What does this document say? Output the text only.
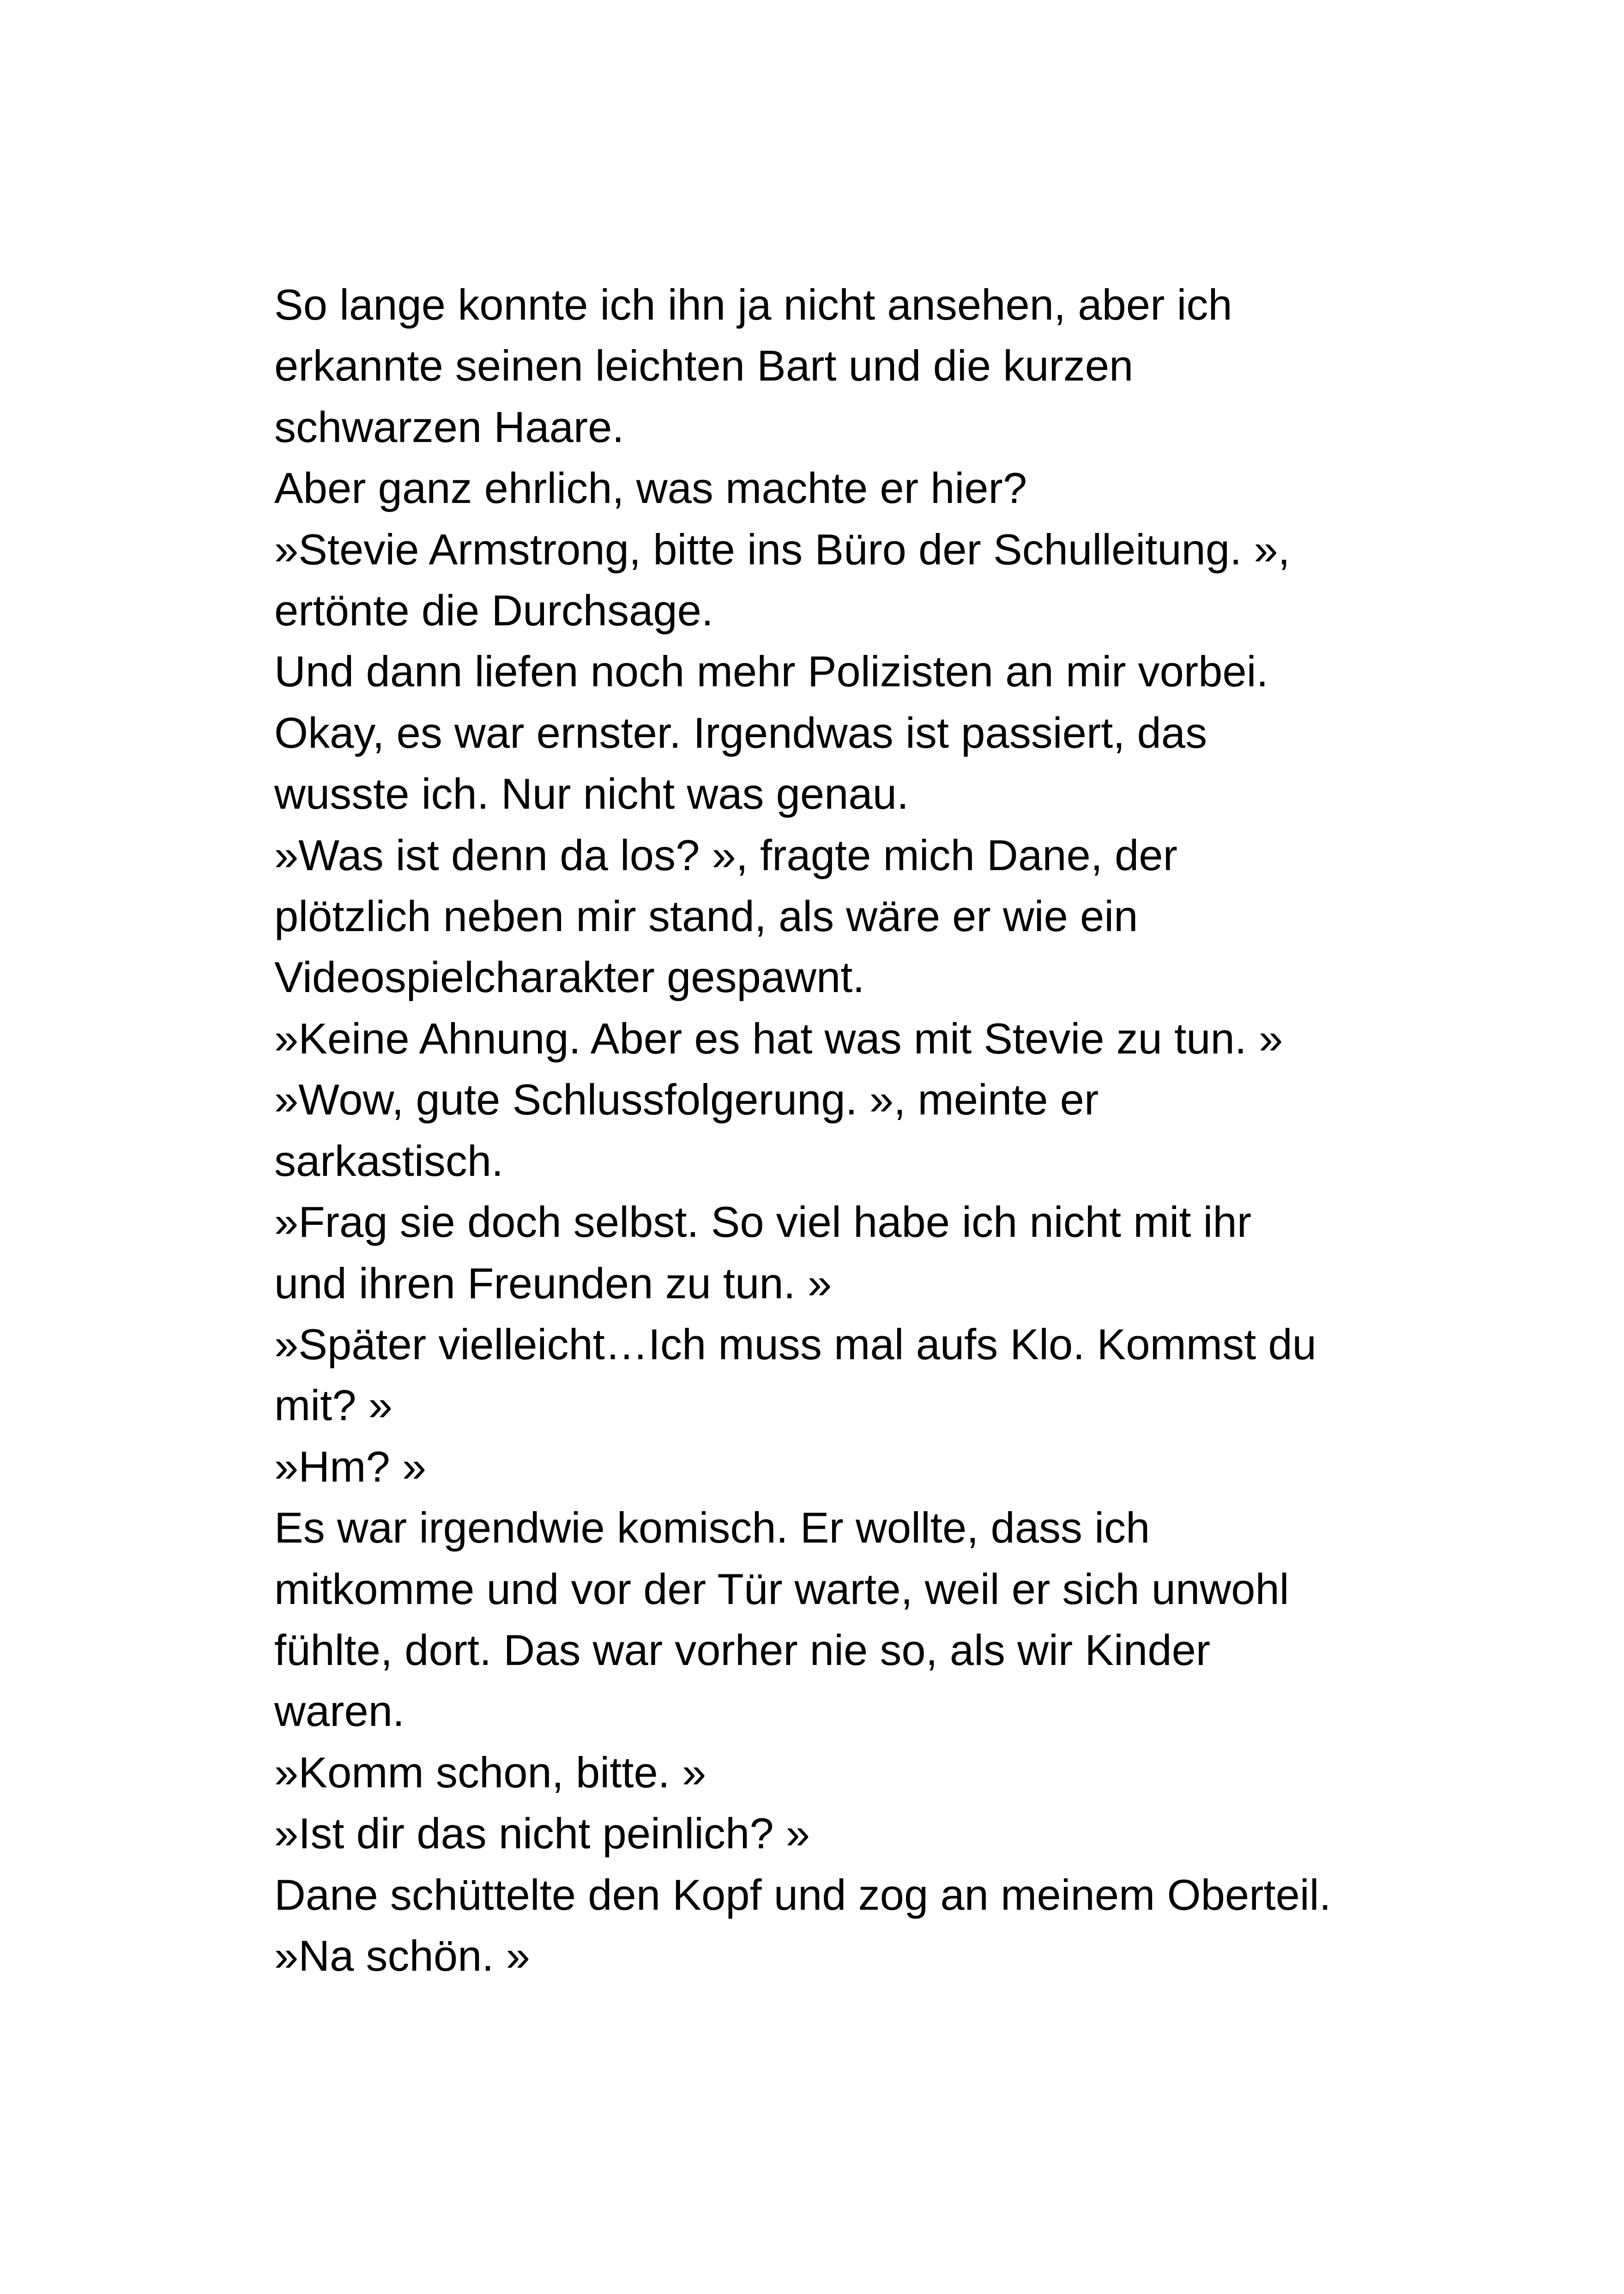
So lange konnte ich ihn ja nicht ansehen, aber ich

erkannte seinen leichten Bart und die kurzen

schwarzen Haare.

Aber ganz ehrlich, was machte er hier?

»Stevie Armstrong, bitte ins Büro der Schulleitung. »,

ertönte die Durchsage.

Und dann liefen noch mehr Polizisten an mir vorbei.

Okay, es war ernster. Irgendwas ist passiert, das

wusste ich. Nur nicht was genau.

»Was ist denn da los? », fragte mich Dane, der

plötzlich neben mir stand, als wäre er wie ein

Videospielcharakter gespawnt.

»Keine Ahnung. Aber es hat was mit Stevie zu tun. »

»Wow, gute Schlussfolgerung. », meinte er

sarkastisch.

»Frag sie doch selbst. So viel habe ich nicht mit ihr

und ihren Freunden zu tun. »

»Später vielleicht…Ich muss mal aufs Klo. Kommst du

mit? »

»Hm? »

Es war irgendwie komisch. Er wollte, dass ich

mitkomme und vor der Tür warte, weil er sich unwohl

fühlte, dort. Das war vorher nie so, als wir Kinder

waren.

»Komm schon, bitte. »

»Ist dir das nicht peinlich? »

Dane schüttelte den Kopf und zog an meinem Oberteil.

»Na schön. »
